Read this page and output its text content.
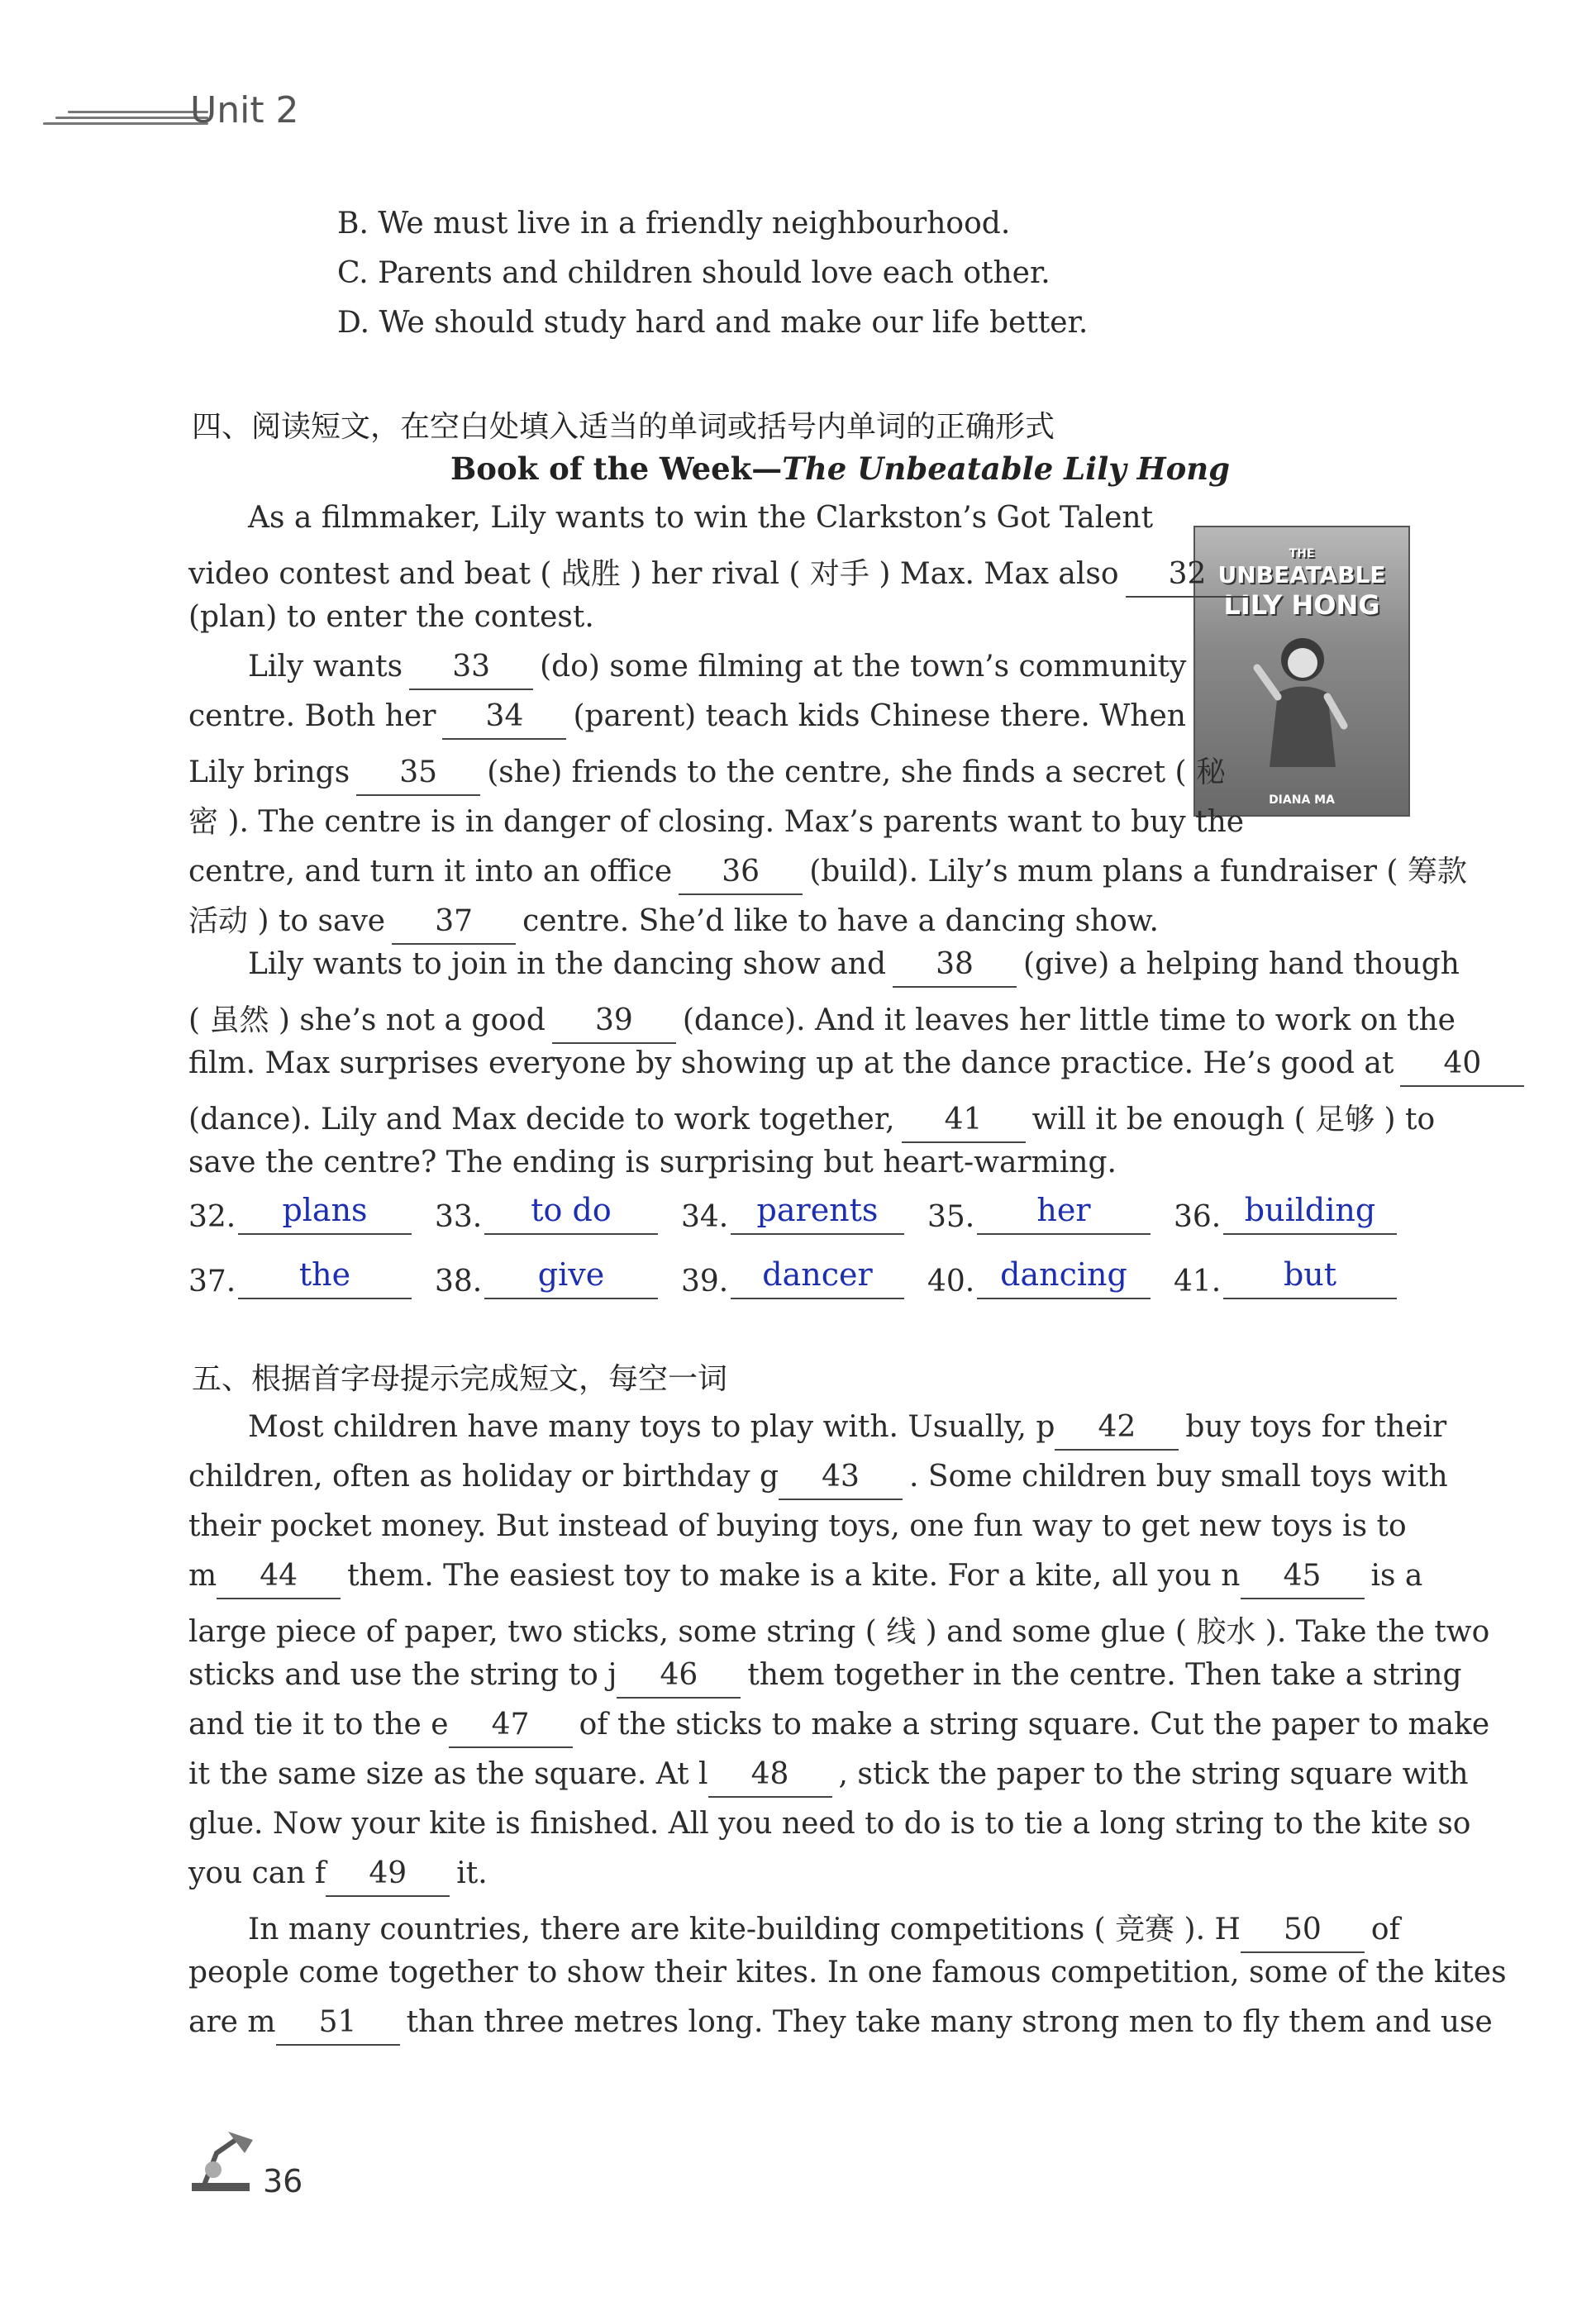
Unit 2
B. We must live in a friendly neighbourhood.
C. Parents and children should love each other.
D. We should study hard and make our life better.
四、阅读短文，在空白处填入适当的单词或括号内单词的正确形式
Book of the Week—The Unbeatable Lily Hong
THE
UNBEATABLE
LILY HONG
DIANA MA
As a filmmaker, Lily wants to win the Clarkston’s Got Talent
video contest and beat ( 战胜 ) her rival ( 对手 ) Max. Max also 32
(plan) to enter the contest.
Lily wants 33 (do) some filming at the town’s community
centre. Both her 34 (parent) teach kids Chinese there. When
Lily brings 35 (she) friends to the centre, she finds a secret ( 秘
密 ). The centre is in danger of closing. Max’s parents want to buy the
centre, and turn it into an office 36 (build). Lily’s mum plans a fundraiser ( 筹款
活动 ) to save 37 centre. She’d like to have a dancing show.
Lily wants to join in the dancing show and 38 (give) a helping hand though
( 虽然 ) she’s not a good 39 (dance). And it leaves her little time to work on the
film. Max surprises everyone by showing up at the dance practice. He’s good at 40
(dance). Lily and Max decide to work together, 41 will it be enough ( 足够 ) to
save the centre? The ending is surprising but heart-warming.
32.	plans	33.	to do	34. parents	35.	her	36. building
37.	the	38.	give	39.	dancer	40. dancing	41.	but
五、根据首字母提示完成短文，每空一词
Most children have many toys to play with. Usually, p 42 buy toys for their
children, often as holiday or birthday g 43 . Some children buy small toys with
their pocket money. But instead of buying toys, one fun way to get new toys is to
m 44 them. The easiest toy to make is a kite. For a kite, all you n 45 is a
large piece of paper, two sticks, some string ( 线 ) and some glue ( 胶水 ). Take the two
sticks and use the string to j 46 them together in the centre. Then take a string
and tie it to the e 47 of the sticks to make a string square. Cut the paper to make
it the same size as the square. At l 48 , stick the paper to the string square with
glue. Now your kite is finished. All you need to do is to tie a long string to the kite so
you can f 49 it.
In many countries, there are kite-building competitions ( 竞赛 ). H 50 of
people come together to show their kites. In one famous competition, some of the kites
are m 51 than three metres long. They take many strong men to fly them and use
36
